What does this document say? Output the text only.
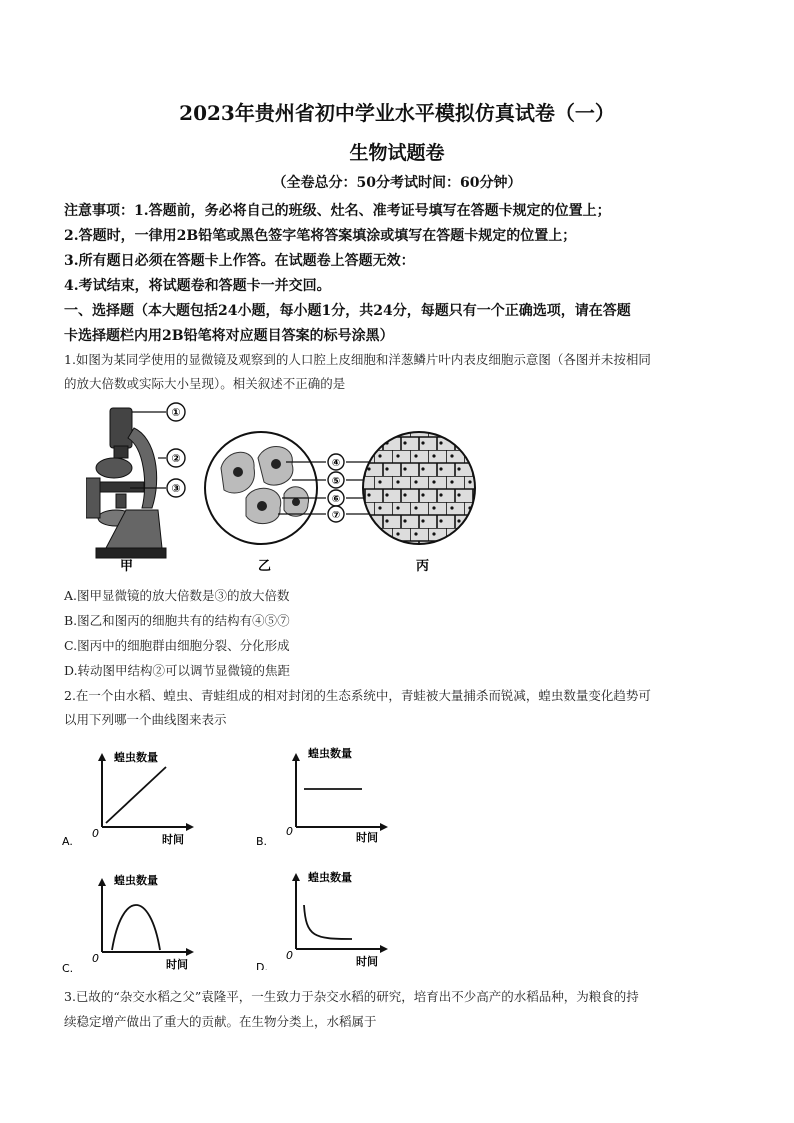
2023年贵州省初中学业水平模拟仿真试卷（一）
生物试题卷
（全卷总分：50分考试时间：60分钟）
注意事项：1.答题前，务必将自己的班级、灶名、准考证号填写在答题卡规定的位置上；
2.答题时，一律用2B铅笔或黑色签字笔将答案填涂或填写在答题卡规定的位置上；
3.所有题日必须在答题卡上作答。在试题卷上答题无效：
4.考试结束，将试题卷和答题卡一并交回。
一、选择题（本大题包括24小题，每小题1分，共24分，每题只有一个正确选项，请在答题
卡选择题栏内用2B铅笔将对应题目答案的标号涂黑）
1.如图为某同学使用的显微镜及观察到的人口腔上皮细胞和洋葱鳞片叶内表皮细胞示意图（各图并未按相同
的放大倍数或实际大小呈现）。相关叙述不正确的是
①
②
③
④
⑤
⑥
⑦
甲	乙	丙
A.图甲显微镜的放大倍数是③的放大倍数
B.图乙和图丙的细胞共有的结构有④⑤⑦
C.图丙中的细胞群由细胞分裂、分化形成
D.转动图甲结构②可以调节显微镜的焦距
2.在一个由水稻、蝗虫、青蛙组成的相对封闭的生态系统中，青蛙被大量捕杀而锐减，蝗虫数量变化趋势可
以用下列哪一个曲线图来表示
A.
蝗虫数量
时间
0
B.
蝗虫数量
时间
0
C.
蝗虫数量
时间
0
D.
蝗虫数量
时间
0
3.已故的“杂交水稻之父”袁隆平，一生致力于杂交水稻的研究，培育出不少高产的水稻品种，为粮食的持
续稳定增产做出了重大的贡献。在生物分类上，水稻属于
